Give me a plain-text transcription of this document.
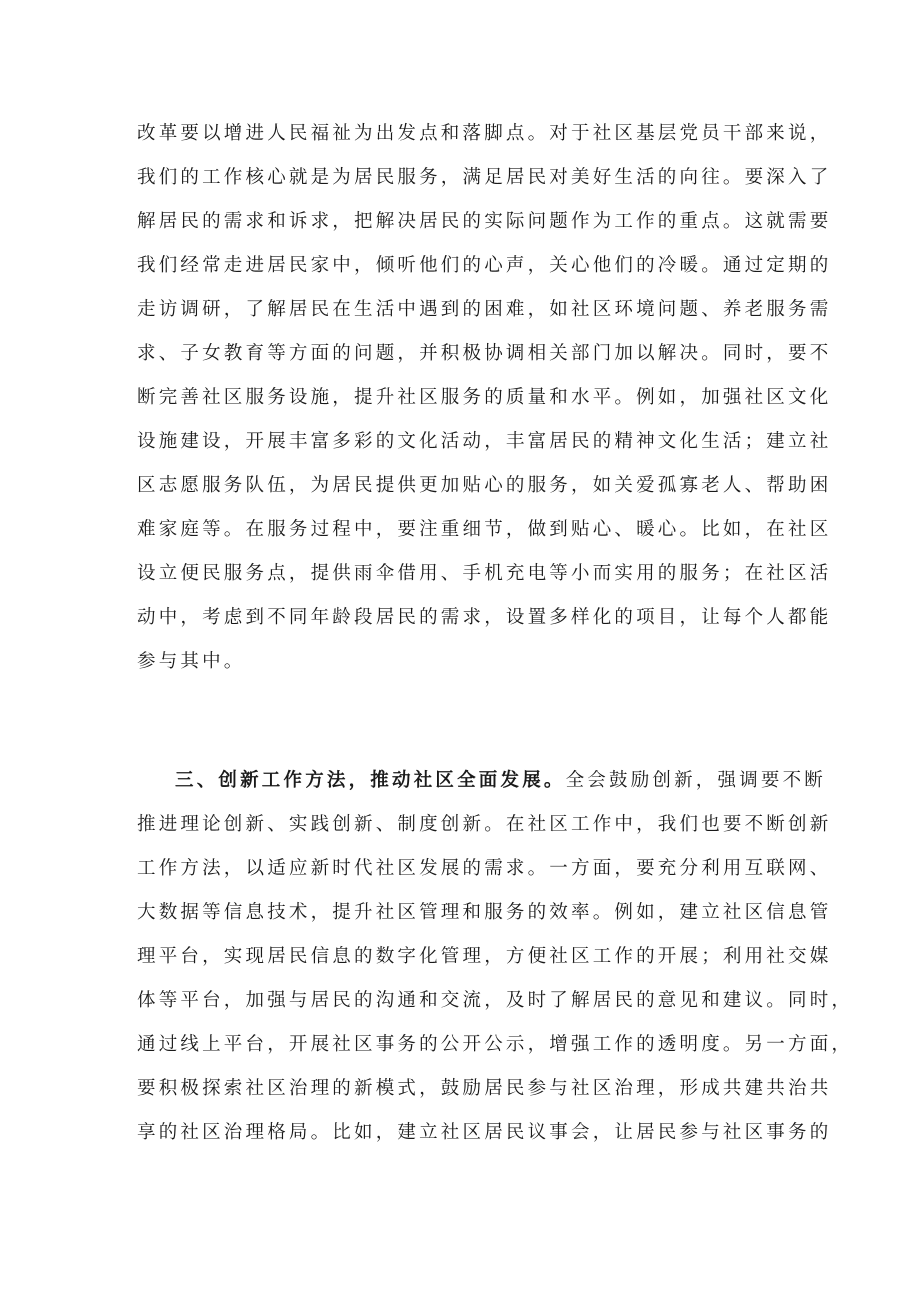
改革要以增进人民福祉为出发点和落脚点。对于社区基层党员干部来说，
我们的工作核心就是为居民服务，满足居民对美好生活的向往。要深入了
解居民的需求和诉求，把解决居民的实际问题作为工作的重点。这就需要
我们经常走进居民家中，倾听他们的心声，关心他们的冷暖。通过定期的
走访调研，了解居民在生活中遇到的困难，如社区环境问题、养老服务需
求、子女教育等方面的问题，并积极协调相关部门加以解决。同时，要不
断完善社区服务设施，提升社区服务的质量和水平。例如，加强社区文化
设施建设，开展丰富多彩的文化活动，丰富居民的精神文化生活；建立社
区志愿服务队伍，为居民提供更加贴心的服务，如关爱孤寡老人、帮助困
难家庭等。在服务过程中，要注重细节，做到贴心、暖心。比如，在社区
设立便民服务点，提供雨伞借用、手机充电等小而实用的服务；在社区活
动中，考虑到不同年龄段居民的需求，设置多样化的项目，让每个人都能
参与其中。
三、创新工作方法，推动社区全面发展。全会鼓励创新，强调要不断
推进理论创新、实践创新、制度创新。在社区工作中，我们也要不断创新
工作方法，以适应新时代社区发展的需求。一方面，要充分利用互联网、
大数据等信息技术，提升社区管理和服务的效率。例如，建立社区信息管
理平台，实现居民信息的数字化管理，方便社区工作的开展；利用社交媒
体等平台，加强与居民的沟通和交流，及时了解居民的意见和建议。同时，
通过线上平台，开展社区事务的公开公示，增强工作的透明度。另一方面，
要积极探索社区治理的新模式，鼓励居民参与社区治理，形成共建共治共
享的社区治理格局。比如，建立社区居民议事会，让居民参与社区事务的
